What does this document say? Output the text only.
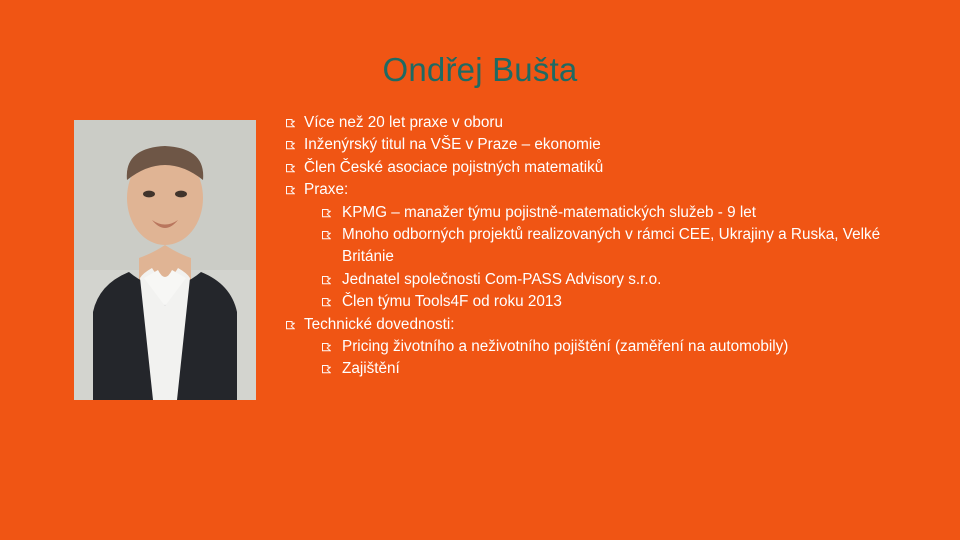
Ondřej Bušta
Více než 20 let praxe v oboru
Inženýrský titul na VŠE v Praze – ekonomie
Člen České asociace pojistných matematiků
Praxe:
KPMG – manažer týmu pojistně-matematických služeb - 9 let
Mnoho odborných projektů realizovaných v rámci CEE, Ukrajiny a Ruska, Velké Británie
Jednatel společnosti Com-PASS Advisory s.r.o.
Člen týmu Tools4F od roku 2013
Technické dovednosti:
Pricing životního a neživotního pojištění (zaměření na automobily)
Zajištění
